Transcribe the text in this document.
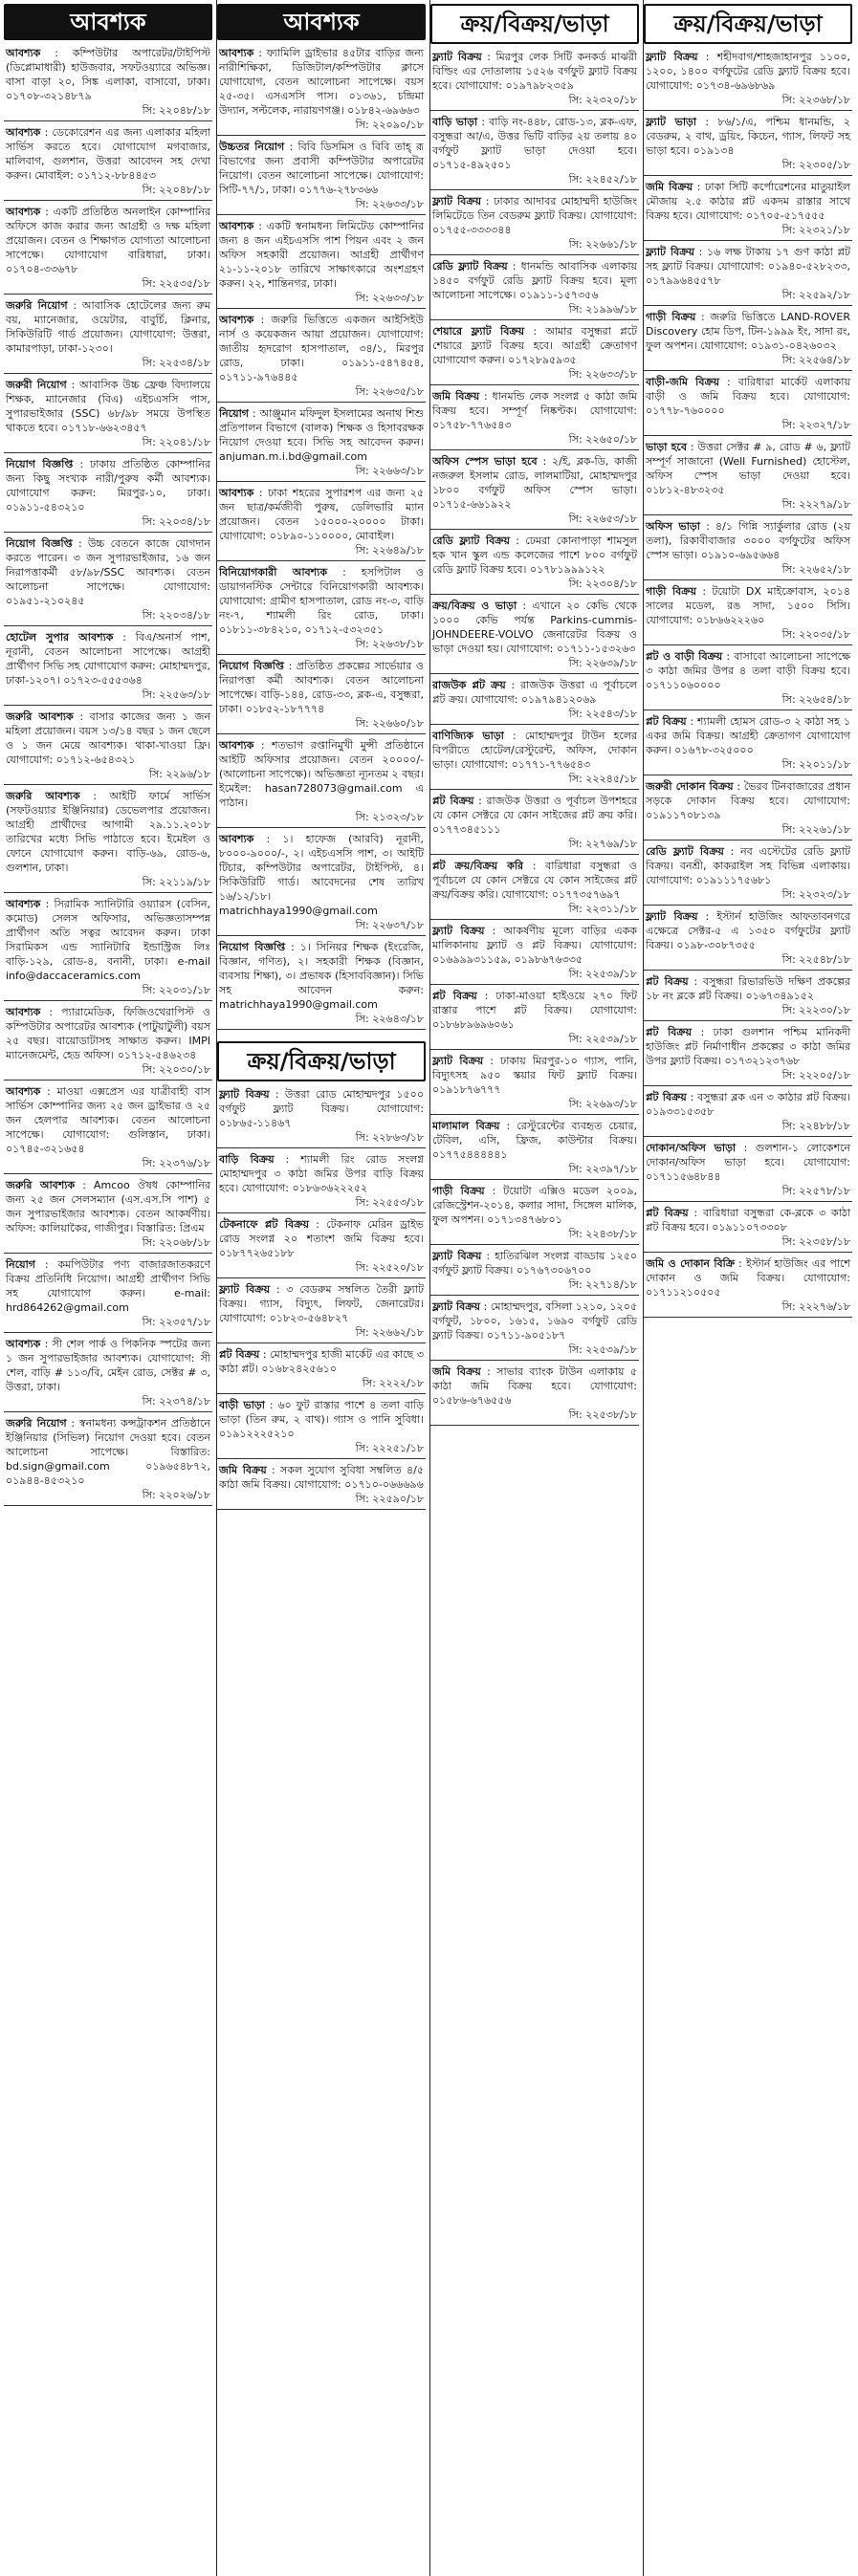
আবশ্যক
আবশ্যক : কম্পিউটার অপারেটর/টাইপিস্ট (ডিপ্লোমাধারী) হাউজবার, সফটওয়্যারে অভিজ্ঞ। বাসা বাড়া ২০, সিঙ্ক এলাকা, বাসাবো, ঢাকা। ০১৭০৮-৩২১৪৮৭৯
সি: ২২০৪৮/১৮
আবশ্যক : ডেকোরেশন এর জন্য এলাকার মহিলা সার্ভিস করতে হবে। যোগাযোগ মগবাজার, মালিবাগ, গুলশান, উত্তরা আবেদন সহ দেখা করুন। মোবাইল: ০১৭১২-৮৮৪৪৫৩
সি: ২২০৪৮/১৮
আবশ্যক : একটি প্রতিষ্ঠিত অনলাইন কোম্পানির অফিসে কাজ করার জন্য আগ্রহী ও দক্ষ মহিলা প্রয়োজন। বেতন ও শিক্ষাগত যোগ্যতা আলোচনা সাপেক্ষে। যোগাযোগ বারিধারা, ঢাকা। ০১৭০৪-৩৩৬৭৮
সি: ২২৫৩৫/১৮
জরুরি নিয়োগ : আবাসিক হোটেলের জন্য রুম বয়, ম্যানেজার, ওয়েটার, বাবুর্চি, ক্লিনার, সিকিউরিটি গার্ড প্রয়োজন। যোগাযোগ: উত্তরা, কামারপাড়া, ঢাকা-১২৩০।
সি: ২২৫৩৪/১৮
জরুরী নিয়োগ : আবাসিক উচ্চ ফ্রেঞ্চ বিদ্যালয়ে শিক্ষক, ম্যানেজার (বিএ) এইচএসসি পাস, সুপারভাইজার (SSC) ৬৮/৯৮ সময়ে উপস্থিত থাকতে হবে। ০১৭১৮-৬৬২৩৪৫৭
সি: ২২০৪১/১৮
নিয়োগ বিজ্ঞপ্তি : ঢাকায় প্রতিষ্ঠিত কোম্পানির জন্য কিছু সংখ্যক নারী/পুরুষ কর্মী আবশ্যক। যোগাযোগ করুন: মিরপুর-১০, ঢাকা। ০১৯১১-৫৪৩২১০
সি: ২২০৩৪/১৮
নিয়োগ বিজ্ঞপ্তি : উচ্চ বেতনে কাজে যোগদান করতে পারেন। ৩ জন সুপারভাইজার, ১৬ জন নিরাপত্তাকর্মী ৫৮/৯৮/SSC আবশ্যক। বেতন আলোচনা সাপেক্ষে। যোগাযোগ: ০১৯৫১-২১০২৪৫
সি: ২২০৩৪/১৮
হোটেল সুপার আবশ্যক : বিএ/অনার্স পাশ, নূরানী, বেতন আলোচনা সাপেক্ষে। আগ্রহী প্রার্থীগণ সিভি সহ যোগাযোগ করুন: মোহাম্মদপুর, ঢাকা-১২০৭। ০১৭২৩-৫৫৫৩৬৪
সি: ২২৫৬৩/১৮
জরুরি আবশ্যক : বাসার কাজের জন্য ১ জন মহিলা প্রয়োজন। বয়স ১৩/১৪ বছর ১ জন ছেলে ও ১ জন মেয়ে আবশ্যক। থাকা-খাওয়া ফ্রি। যোগাযোগ: ০১৭১২-৬৫৪৩২১
সি: ২২৯৬/১৮
জরুরি আবশ্যক : আইটি ফার্মে সার্ভিস (সফটওয়্যার ইঞ্জিনিয়ার) ডেভেলপার প্রয়োজন। আগ্রহী প্রার্থীদের আগামী ২৯.১১.২০১৮ তারিখের মধ্যে সিভি পাঠাতে হবে। ইমেইল ও ফোনে যোগাযোগ করুন। বাড়ি-৬৯, রোড-৬, গুলশান, ঢাকা।
সি: ২২১১৯/১৮
আবশ্যক : সিরামিক স্যানিটারি ওয়্যারস (বেসিন, কমোড) সেলস অফিসার, অভিজ্ঞতাসম্পন্ন প্রার্থীগণ অতি সত্বর আবেদন করুন। ঢাকা সিরামিকস এন্ড স্যানিটারি ইন্ডাস্ট্রিজ লিঃ বাড়ি-১২৯, রোড-৪, বনানী, ঢাকা। e-mail info@daccaceramics.com
সি: ২২০৩১/১৮
আবশ্যক : প্যারামেডিক, ফিজিওথেরাপিস্ট ও কম্পিউটার অপারেটর আবশ্যক (পাটুয়াটুলী) বয়স ২৫ বছর। বায়োডাটাসহ সাক্ষাত করুন। IMPI ম্যানেজমেন্ট, হেড অফিস। ০১৭১২-৫৪৬২৩৪
সি: ২২০৩০/১৮
আবশ্যক : মাওয়া এক্সপ্রেস এর যাত্রীবাহী বাস সার্ভিস কোম্পানির জন্য ২৫ জন ড্রাইভার ও ২৫ জন হেলপার আবশ্যক। বেতন আলোচনা সাপেক্ষে। যোগাযোগ: গুলিস্তান, ঢাকা। ০১৭৪৫-৩২১৬৫৪
সি: ২২৩৭৬/১৮
জরুরি আবশ্যক : Amcoo ঔষধ কোম্পানির জন্য ২৫ জন সেলসম্যান (এস.এস.সি পাশ) ৫ জন সুপারভাইজার আবশ্যক। বেতন আকর্ষণীয়। অফিস: কালিয়াকৈর, গাজীপুর। বিস্তারিত: প্রিএম
সি: ২২০৬৮/১৮
নিয়োগ : কমপিউটার পণ্য বাজারজাতকরণে বিক্রয় প্রতিনিধি নিয়োগ। আগ্রহী প্রার্থীগণ সিভি সহ যোগাযোগ করুন। e-mail: hrd864262@gmail.com
সি: ২২৩৫৭/১৮
আবশ্যক : সী শেল পার্ক ও পিকনিক স্পটের জন্য ১ জন সুপারভাইজার আবশ্যক। যোগাযোগ: সী শেল, বাড়ি # ১১৩/বি, মেইন রোড, সেক্টর # ৩, উত্তরা, ঢাকা।
সি: ২২৩৭৪/১৮
জরুরি নিয়োগ : স্বনামধন্য কন্সট্রাকশন প্রতিষ্ঠানে ইঞ্জিনিয়ার (সিভিল) নিয়োগ দেওয়া হবে। বেতন আলোচনা সাপেক্ষে। বিস্তারিত: bd.sign@gmail.com ০১৯৬৫৪৮৭২, ০১৯৪৪-৪৫৩২১০
সি: ২২০২৬/১৮
আবশ্যক
আবশ্যক : ফ্যামিলি ড্রাইভার ৪৫টার বাড়ির জন্য নারীশিক্ষিকা, ডিজিটাল/কম্পিউটার ক্লাসে যোগাযোগ, বেতন আলোচনা সাপেক্ষে। বয়স ২৫-৩৫। এসএসসি পাস। ০১৩৬১, চন্দ্রিমা উদ্যান, সল্টলেক, নারায়ণগঞ্জ। ০১৮৪২-৬৯৬৬৩
সি: ২২০৯০/১৮
উচ্চতর নিয়োগ : বিবি ডিসমিস ও বিবি তাহ্ রূ বিভাগের জন্য প্রবাসী কম্পিউটার অপারেটর নিয়োগ। বেতন আলোচনা সাপেক্ষে। যোগাযোগ: সিটি-৭৭/১, ঢাকা। ০১৭৭৬-২৭৮৩৬৬
সি: ২২৬৩৩/১৮
আবশ্যক : একটি স্বনামধন্য লিমিটেড কোম্পানির জন্য ৪ জন এইচএসসি পাশ পিয়ন এবং ২ জন অফিস সহকারী প্রয়োজন। আগ্রহী প্রার্থীগণ ২১-১১-২০১৮ তারিখে সাক্ষাৎকারে অংশগ্রহণ করুন। ২২, শান্তিনগর, ঢাকা।
সি: ২২৬৩৩/১৮
আবশ্যক : জরুরি ভিত্তিতে একজন আইসিইউ নার্স ও কয়েকজন আয়া প্রয়োজন। যোগাযোগ: জাতীয় হৃদরোগ হাসপাতাল, ৩৪/১, মিরপুর রোড, ঢাকা। ০১৯১১-৫৪৭৪৫৪, ০১৭১১-৯৭৬৪৪৫
সি: ২২৬৩৫/১৮
নিয়োগ : আঞ্জুমান মফিদুল ইসলামের অনাথ শিশু প্রতিপালন বিভাগে (বালক) শিক্ষক ও হিসাবরক্ষক নিয়োগ দেওয়া হবে। সিভি সহ আবেদন করুন। anjuman.m.i.bd@gmail.com
সি: ২২৬৬৩/১৮
আবশ্যক : ঢাকা শহরের সুপারশপ এর জন্য ২৫ জন ছাত্র/কর্মজীবী পুরুষ, ডেলিভারি ম্যান প্রয়োজন। বেতন ১৫০০০-২০০০০ টাকা। যোগাযোগ: ০১৮৯০-১১০০০০, মোবাইল।
সি: ২২৬৪৯/১৮
বিনিয়োগকারী আবশ্যক : হসপিটাল ও ডায়াগনস্টিক সেন্টারে বিনিয়োগকারী আবশ্যক। যোগাযোগ: গ্রামীণ হাসপাতাল, রোড নং-৩, বাড়ি নং-৭, শ্যামলী রিং রোড, ঢাকা। ০১৮১১-৩৮৪২১০, ০১৭১২-৫৩২৩৫১
সি: ২২৬৩৮/১৮
নিয়োগ বিজ্ঞপ্তি : প্রতিষ্ঠিত প্রকল্পের সার্ভেয়ার ও নিরাপত্তা কর্মী আবশ্যক। বেতন আলোচনা সাপেক্ষে। বাড়ি-১৪৪, রোড-৩৩, ব্লক-এ, বসুন্ধরা, ঢাকা। ০১৮৫২-১৮৭৭৭৪
সি: ২২৬৬০/১৮
আবশ্যক : শতভাগ রপ্তানিমুখী মুন্সী প্রতিষ্ঠানে আইটি অফিসার প্রয়োজন। বেতন ২০০০০/- (আলোচনা সাপেক্ষে)। অভিজ্ঞতা ন্যূনতম ২ বছর। ইমেইল: hasan728073@gmail.com এ পাঠান।
সি: ২১৩২৩/১৮
আবশ্যক : ১। হাফেজ (আরবি) নূরানী, ৮০০০-৯০০০/-, ২। এইচএসসি পাশ, ৩। আইটি টিচার, কম্পিউটার অপারেটর, টাইপিস্ট, ৪। সিকিউরিটি গার্ড। আবেদনের শেষ তারিখ ১৬/১২/১৮। matrichhaya1990@gmail.com
সি: ২২৬৩৭/১৮
নিয়োগ বিজ্ঞপ্তি : ১। সিনিয়র শিক্ষক (ইংরেজি, বিজ্ঞান, গণিত), ২। সহকারী শিক্ষক (বিজ্ঞান, ব্যবসায় শিক্ষা), ৩। প্রভাষক (হিসাববিজ্ঞান)। সিভি সহ আবেদন করুন: matrichhaya1990@gmail.com
সি: ২২৬৪৩/১৮
ক্রয়/বিক্রয়/ভাড়া
ফ্ল্যাট বিক্রয় : উত্তরা রোড মোহাম্মদপুর ১৫০০ বর্গফুট ফ্ল্যাট বিক্রয়। যোগাযোগ: ০১৮৬৫-১১৪৬৭
সি: ২২৮৬৩/১৮
বাড়ি বিক্রয় : শ্যামলী রিং রোড সংলগ্ন মোহাম্মদপুর ৩ কাঠা জমির উপর বাড়ি বিক্রয় হবে। যোগাযোগ: ০১৮৬৩৬২২২৫২
সি: ২২৫৫৩/১৮
টেকনাফে প্লট বিক্রয় : টেকনাফ মেরিন ড্রাইভ রোড সংলগ্ন ২০ শতাংশ জমি বিক্রয় হবে। ০১৮৭৭২৬৫১৮৮
সি: ২২৫২০/১৮
ফ্ল্যাট বিক্রয় : ৩ বেডরুম সম্বলিত তৈরী ফ্ল্যাট বিক্রয়। গ্যাস, বিদ্যুৎ, লিফট, জেনারেটর। যোগাযোগ: ০১৮২৩-৫৬৪৮২৭
সি: ২২৬৬২/১৮
প্লট বিক্রয় : মোহাম্মদপুর হাজী মার্কেট এর কাছে ৩ কাঠা প্লট। ০১৬৮২৪২৫৬১০
সি: ২২২২/১৮
বাড়ী ভাড়া : ৬০ ফুট রাস্তার পাশে ৪ তলা বাড়ি ভাড়া (তিন রুম, ২ বাথ)। গ্যাস ও পানি সুবিধা। ০১৯১২২২৫২১০
সি: ২২২৫১/১৮
জমি বিক্রয় : সকল সুযোগ সুবিধা সম্বলিত ৪/৫ কাঠা জমি বিক্রয়। যোগাযোগ: ০১৭১০-০৬৬৬৯৬
সি: ২২৫৯০/১৮
ক্রয়/বিক্রয়/ভাড়া
ফ্ল্যাট বিক্রয় : মিরপুর লেক সিটি কনকর্ড মাঝরী বিল্ডিং এর দোতালায় ১৫২৬ বর্গফুট ফ্ল্যাট বিক্রয় হবে। যোগাযোগ: ০১৯৭৯৮২৩৫৯
সি: ২২৩২০/১৮
বাড়ি ভাড়া : বাড়ি নং-৪৪৮, রোড-১৩, ব্লক-এফ, বসুন্ধরা আ/এ, উত্তর ভিটি বাড়ির ২য় তলায় ৪০ বর্গফুট ফ্ল্যাট ভাড়া দেওয়া হবে। ০১৭১৫-৪৯২৫০১
সি: ২২৪৫২/১৮
ফ্ল্যাট বিক্রয় : ঢাকার আদাবর মোহাম্মদী হাউজিং লিমিটেডে তিন বেডরুম ফ্ল্যাট বিক্রয়। যোগাযোগ: ০১৭৫৫-৩৩৩৩৪৪
সি: ২২৬৬১/১৮
রেডি ফ্ল্যাট বিক্রয় : ধানমন্ডি আবাসিক এলাকায় ১৪৫০ বর্গফুট রেডি ফ্ল্যাট বিক্রয় হবে। মূল্য আলোচনা সাপেক্ষে। ০১৯১১-১৫৭৩৫৬
সি: ২১৯৯৬/১৮
শেয়ারে ফ্ল্যাট বিক্রয় : আমার বসুন্ধরা প্লটে শেয়ারে ফ্ল্যাট বিক্রয় হবে। আগ্রহী ক্রেতাগণ যোগাযোগ করুন। ০১৭২৮৯৫৯৩৫
সি: ২২৬৩৩/১৮
জমি বিক্রয় : ধানমন্ডি লেক সংলগ্ন ৫ কাঠা জমি বিক্রয় হবে। সম্পূর্ণ নিষ্কণ্টক। যোগাযোগ: ০১৭৫৮-৭৭৬৫৪৩
সি: ২২৬৫০/১৮
অফিস স্পেস ভাড়া হবে : ২/ই, ব্লক-ডি, কাজী নজরুল ইসলাম রোড, লালমাটিয়া, মোহাম্মদপুর ১৮০০ বর্গফুট অফিস স্পেস ভাড়া। ০১৭১৫-৬৬১৯২২
সি: ২২৬৫৩/১৮
রেডি ফ্ল্যাট বিক্রয় : ঢেমরা কোনাপাড়া শামসুল হক খান স্কুল এন্ড কলেজের পাশে ৮০০ বর্গফুট রেডি ফ্ল্যাট বিক্রয় হবে। ০১৭৮১৯৯৯১২২
সি: ২২৩০৪/১৮
ক্রয়/বিক্রয় ও ভাড়া : এখানে ২০ কেভি থেকে ১০০০ কেভি পর্যন্ত Parkins-cummis-JOHNDEERE-VOLVO জেনারেটর বিক্রয় ও ভাড়া দেওয়া হয়। যোগাযোগ: ০১৭১১-১৫৩২৬৩
সি: ২২৬৩৯/১৮
রাজউক প্লট ক্রয় : রাজউক উত্তরা এ পূর্বাচলে প্লট ক্রয়। যোগাযোগ: ০১৯৭৯৪১২০৬৯
সি: ২২৫৪৩/১৮
বাণিজ্যিক ভাড়া : মোহাম্মদপুর টাউন হলের বিপরীতে হোটেল/রেস্টুরেন্ট, অফিস, দোকান ভাড়া। যোগাযোগ: ০১৭৭১-৭৭৬৫৪৩
সি: ২২২৪৫/১৮
প্লট বিক্রয় : রাজউক উত্তরা ও পূর্বাচল উপশহরে যে কোন সেক্টরে যে কোন সাইজের প্লট ক্রয় করি। ০১৭৭৩৪৫১১১
সি: ২২৭৬৯/১৮
প্লট ক্রয়/বিক্রয় করি : বারিধারা বসুন্ধরা ও পূর্বাচলে যে কোন সেক্টরে যে কোন সাইজের প্লট ক্রয়/বিক্রয় করি। যোগাযোগ: ০১৭৭৩৫৭৬৯৭
সি: ২২৩১১/১৮
ফ্ল্যাট বিক্রয় : আকর্ষণীয় মূল্যে বাড়ির একক মালিকানায় ফ্ল্যাট ও প্লট বিক্রয়। যোগাযোগ: ০১৬৯৯৯৩১১৫৯, ০১৯৮৬৭৬৩৩৫
সি: ২২৫৩৯/১৮
প্লট বিক্রয় : ঢাকা-মাওয়া হাইওয়ে ২৭০ ফিট রাস্তার পাশে প্লট বিক্রয়। যোগাযোগ: ০১৮৬৮৯৬৯৬০৬১
সি: ২২৫৩৯/১৮
ফ্ল্যাট বিক্রয় : ঢাকায় মিরপুর-১০ গ্যাস, পানি, বিদ্যুৎসহ ৯৫০ স্কয়ার ফিট ফ্ল্যাট বিক্রয়। ০১৯১৮৭৬৭৭৭
সি: ২২৬৯৩/১৮
মালামাল বিক্রয় : রেস্টুরেন্টের ব্যবহৃত চেয়ার, টেবিল, এসি, ফ্রিজ, কাউন্টার বিক্রয়। ০১৭৭৫৪৪৪৪৪১
সি: ২২৩৯৭/১৮
গাড়ী বিক্রয় : টয়োটা এক্সিও মডেল ২০০৯, রেজিস্ট্রেশন-২০১৪, কলার সাদা, সিঙ্গেল মালিক, ফুল অপশন। ০১৭১৩৪৭৬৮০১
সি: ২২৪৩৮/১৮
ফ্ল্যাট বিক্রয় : হাতিরঝিল সংলগ্ন বাড্ডায় ১২৫০ বর্গফুট ফ্ল্যাট বিক্রয়। ০১৭৬৭৩০৬৭০০
সি: ২২৭১৪/১৮
ফ্ল্যাট বিক্রয় : মোহাম্মদপুর, বসিলা ১২১০, ১২০৫ বর্গফুট, ১৮০০, ১৬১৫, ১৬৯০ বর্গফুট রেডি ফ্ল্যাট বিক্রয়। ০১৭১১-৯০৫১৮৭
সি: ২২৫৩৯/১৮
জমি বিক্রয় : সাভার ব্যাংক টাউন এলাকায় ৫ কাঠা জমি বিক্রয় হবে। যোগাযোগ: ০১৫৮৬-৬৭৬৫৫৬
সি: ২২৫৩৮/১৮
ক্রয়/বিক্রয়/ভাড়া
ফ্ল্যাট বিক্রয় : শহীদবাগ/শাহজাহানপুর ১১০০, ১২০০, ১৪০০ বর্গফুটের রেডি ফ্ল্যাট বিক্রয় হবে। যোগাযোগ: ০১৭৩৪-৬৯৬৮৬৯
সি: ২২৩৬৮/১৮
ফ্ল্যাট ভাড়া : ৮৬/১/এ, পশ্চিম ধানমন্ডি, ২ বেডরুম, ২ বাথ, ড্রয়িং, কিচেন, গ্যাস, লিফট সহ ভাড়া হবে। ০১৯১৩৪
সি: ২২৩০৫/১৮
জমি বিক্রয় : ঢাকা সিটি কর্পোরেশনের মাতুয়াইল মৌজায় ২.৫ কাঠার প্লট একদম রাস্তার সাথে বিক্রয় হবে। যোগাযোগ: ০১৭০৫-৫১৭৫৫৫
সি: ২২৩২১/১৮
ফ্ল্যাট বিক্রয় : ১৬ লক্ষ টাকায় ১৭ গুণ কাঠা প্লট সহ ফ্ল্যাট বিক্রয়। যোগাযোগ: ০১৯৪০-৫২৮২৩৩, ০১৭৯৯৬৪৫৫৭৮
সি: ২২৫৯২/১৮
গাড়ী বিক্রয় : জরুরি ভিত্তিতে LAND-ROVER Discovery হোম ডিপ, টিন-১৯৯৯ ইং, সাদা রং, ফুল অপশন। যোগাযোগ: ০১৯৩১-০৪২৬০৩২
সি: ২২৫৬৪/১৮
বাড়ী-জমি বিক্রয় : বারিধারা মার্কেট এলাকায় বাড়ী ও জমি বিক্রয় হবে। যোগাযোগ: ০১৭৭৮-৭৬০০০০
সি: ২২৩২৭/১৮
ভাড়া হবে : উত্তরা সেক্টর # ৯, রোড # ৬, ফ্ল্যাট সম্পূর্ণ সাজানো (Well Furnished) হোস্টেল, অফিস স্পেস ভাড়া দেওয়া হবে। ০১৮১২-৪৮৩২৩৫
সি: ২২২৭৯/১৮
অফিস ভাড়া : ৪/১ গিন্নি স্যার্কুলার রোড (২য় তলা), রিকাবীবাজার ৩০০০ বর্গফুটের অফিস স্পেস ভাড়া। ০১৯১০-৬৯৫৬৬৪
সি: ২২৬৫২/১৮
গাড়ী বিক্রয় : টয়োটা DX মাইক্রোবাস, ২০১৪ সালের মডেল, রঙ সাদা, ১৫০০ সিসি। যোগাযোগ: ০১৮৬৬২২২৬০
সি: ২২০৩৫/১৮
প্লট ও বাড়ী বিক্রয় : বাসাবো আলোচনা সাপেক্ষে ৩ কাঠা জমির উপর ৪ তলা বাড়ী বিক্রয় হবে। ০১৭১১০৬০০০০
সি: ২২৬৫৪/১৮
প্লট বিক্রয় : শ্যামলী হোমস রোড-৩ ২ কাঠা সহ ১ একর জমি বিক্রয়। আগ্রহী ক্রেতাগণ যোগাযোগ করুন। ০১৬৭৮-৩২৫০০০
সি: ২২০১১/১৮
জরুরী দোকান বিক্রয় : ভৈরব টিনবাজারের প্রধান সড়কে দোকান বিক্রয় হবে। যোগাযোগ: ০১৯১১৭০৮১৩৯
সি: ২২২৬১/১৮
রেডি ফ্ল্যাট বিক্রয় : নব এস্টেটের রেডি ফ্ল্যাট বিক্রয়। বনশ্রী, কাকরাইল সহ বিভিন্ন এলাকায়। যোগাযোগ: ০১৯১১১৭৫৬৮১
সি: ২২৩২৩/১৮
ফ্ল্যাট বিক্রয় : ইস্টার্ন হাউজিং আফতাবনগরে এক্ষেত্রে সেক্টর-৫ এ ১৩৫০ বর্গফুটের ফ্ল্যাট বিক্রয়। ০১৯৮-৩০৮৭৩৫৫
সি: ২২৫৪৮/১৮
প্লট বিক্রয় : বসুন্ধরা রিভারভিউ দক্ষিণ প্রকল্পের ১৮ নং ব্লকে প্লট বিক্রয়। ০১৬৭৩৪৯১৫২
সি: ২২২৩০/১৮
প্লট বিক্রয় : ঢাকা গুলশান পশ্চিম মানিকদী হাউজিং প্লট নির্মাণাধীন প্রকল্পের ৩ কাঠা জমির উপর ফ্ল্যাট বিক্রয়। ০১৭৩২১২৩৭৬৮
সি: ২২২০৫/১৮
প্লট বিক্রয় : বসুন্ধরা ব্লক এন ৩ কাঠার প্লট বিক্রয়। ০১৯৩৩১৫৩৫৮
সি: ২২৪৮৮/১৮
দোকান/অফিস ভাড়া : গুলশান-১ লোকেশনে দোকান/অফিস ভাড়া হবে। যোগাযোগ: ০১৭১১৫৬৪৮৪৪
সি: ২২৫৭৮/১৮
প্লট বিক্রয় : বারিধারা বসুন্ধরা কে-ব্লকে ৩ কাঠা প্লট বিক্রয় হবে। ০১৯১১০৭৩৩০৮
সি: ২২৩৫৮/১৮
জমি ও দোকান বিক্রি : ইস্টার্ন হাউজিং এর পাশে দোকান ও জমি বিক্রয়। যোগাযোগ: ০১৭১১২১০৫০৫
সি: ২২২৭৬/১৮
